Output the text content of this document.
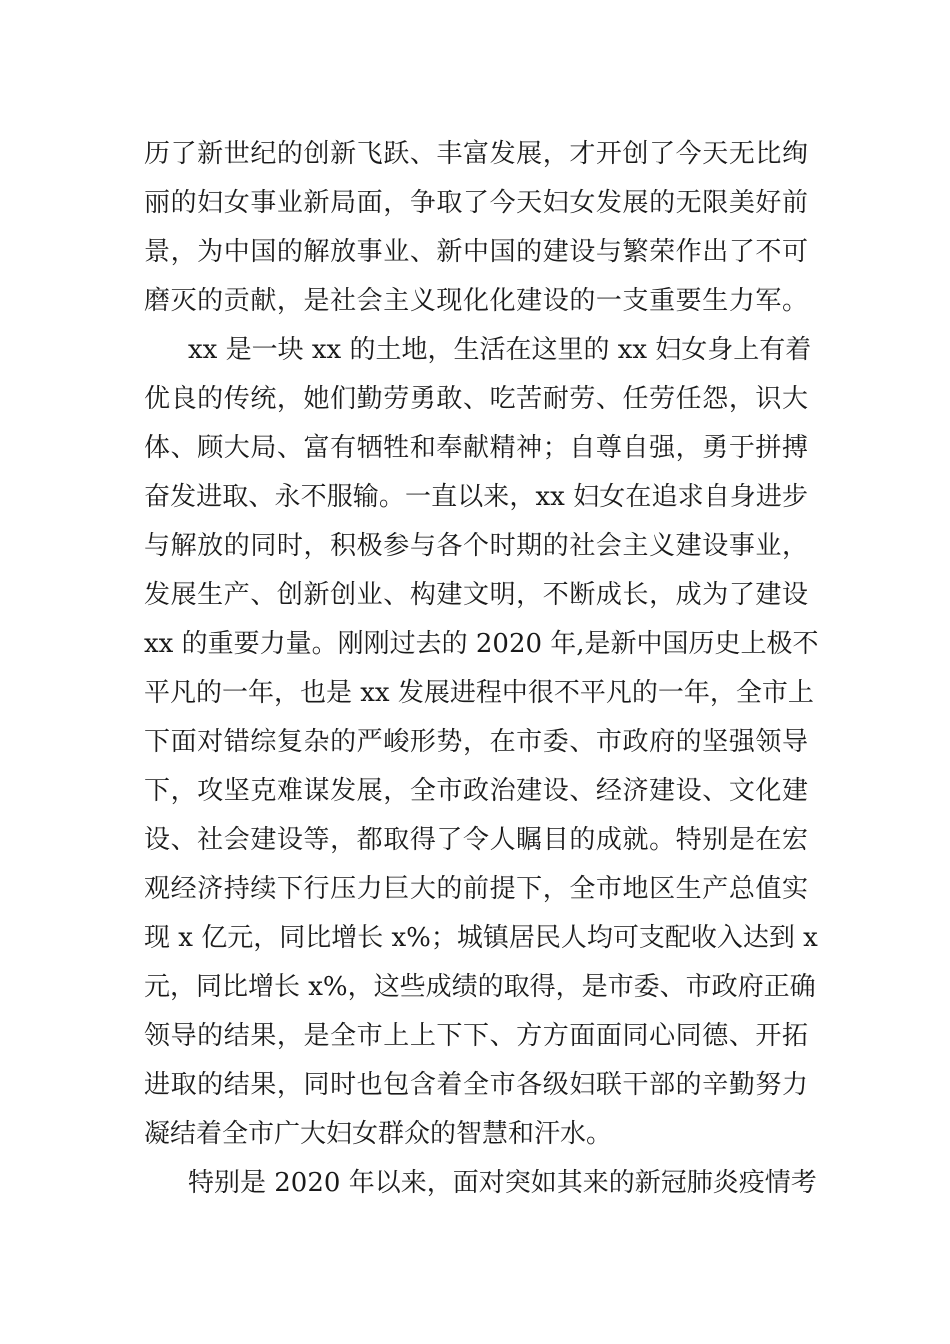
历了新世纪的创新飞跃、丰富发展，才开创了今天无比绚
丽的妇女事业新局面，争取了今天妇女发展的无限美好前
景，为中国的解放事业、新中国的建设与繁荣作出了不可
磨灭的贡献，是社会主义现化化建设的一支重要生力军。
xx 是一块 xx 的土地，生活在这里的 xx 妇女身上有着
优良的传统，她们勤劳勇敢、吃苦耐劳、任劳任怨，识大
体、顾大局、富有牺牲和奉献精神；自尊自强，勇于拼搏
奋发进取、永不服输。一直以来，xx 妇女在追求自身进步
与解放的同时，积极参与各个时期的社会主义建设事业，
发展生产、创新创业、构建文明，不断成长，成为了建设
xx 的重要力量。刚刚过去的 2020 年,是新中国历史上极不
平凡的一年，也是 xx 发展进程中很不平凡的一年，全市上
下面对错综复杂的严峻形势，在市委、市政府的坚强领导
下，攻坚克难谋发展，全市政治建设、经济建设、文化建
设、社会建设等，都取得了令人瞩目的成就。特别是在宏
观经济持续下行压力巨大的前提下，全市地区生产总值实
现 x 亿元，同比增长 x%；城镇居民人均可支配收入达到 x
元，同比增长 x%，这些成绩的取得，是市委、市政府正确
领导的结果，是全市上上下下、方方面面同心同德、开拓
进取的结果，同时也包含着全市各级妇联干部的辛勤努力
凝结着全市广大妇女群众的智慧和汗水。
特别是 2020 年以来，面对突如其来的新冠肺炎疫情考
